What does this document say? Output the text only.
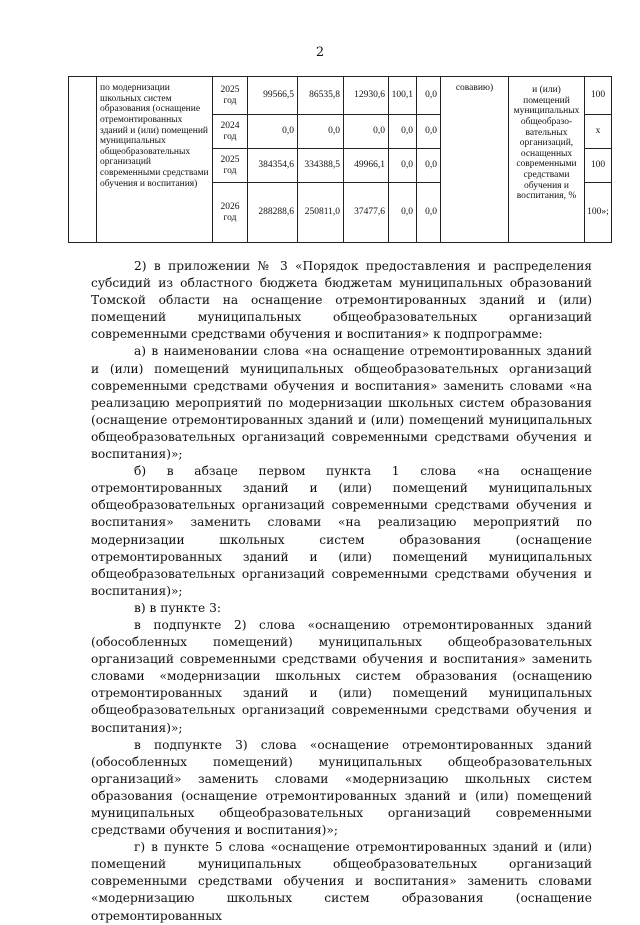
2
	по модернизации школьных систем образования (оснащение отремонтированных зданий и (или) помещений муниципальных общеобразовательных организаций современными средствами обучения и воспитания)	2025 год	99566,5	86535,8	12930,6	100,1	0,0	совавию)	и (или) помещений муниципальных общеобразо-вательных организаций, оснащенных современными средствами обучения и воспитания, %	100
		2024 год	0,0	0,0	0,0	0,0	0,0			x
		2025 год	384354,6	334388,5	49966,1	0,0	0,0			100
		2026 год	288288,6	250811,0	37477,6	0,0	0,0			100»;

2) в приложении № 3 «Порядок предоставления и распределения субсидий из областного бюджета бюджетам муниципальных образований Томской области на оснащение отремонтированных зданий и (или) помещений муниципальных общеобразовательных организаций современными средствами обучения и воспитания» к подпрограмме:

а) в наименовании слова «на оснащение отремонтированных зданий и (или) помещений муниципальных общеобразовательных организаций современными средствами обучения и воспитания» заменить словами «на реализацию мероприятий по модернизации школьных систем образования (оснащение отремонтированных зданий и (или) помещений муниципальных общеобразовательных организаций современными средствами обучения и воспитания)»;

б) в абзаце первом пункта 1 слова «на оснащение отремонтированных зданий и (или) помещений муниципальных общеобразовательных организаций современными средствами обучения и воспитания» заменить словами «на реализацию мероприятий по модернизации школьных систем образования (оснащение отремонтированных зданий и (или) помещений муниципальных общеобразовательных организаций современными средствами обучения и воспитания)»;

в) в пункте 3:

в подпункте 2) слова «оснащению отремонтированных зданий (обособленных помещений) муниципальных общеобразовательных организаций современными средствами обучения и воспитания» заменить словами «модернизации школьных систем образования (оснащению отремонтированных зданий и (или) помещений муниципальных общеобразовательных организаций современными средствами обучения и воспитания)»;

в подпункте 3) слова «оснащение отремонтированных зданий (обособленных помещений) муниципальных общеобразовательных организаций» заменить словами «модернизацию школьных систем образования (оснащение отремонтированных зданий и (или) помещений муниципальных общеобразовательных организаций современными средствами обучения и воспитания)»;

г) в пункте 5 слова «оснащение отремонтированных зданий и (или) помещений муниципальных общеобразовательных организаций современными средствами обучения и воспитания» заменить словами «модернизацию школьных систем образования (оснащение отремонтированных
